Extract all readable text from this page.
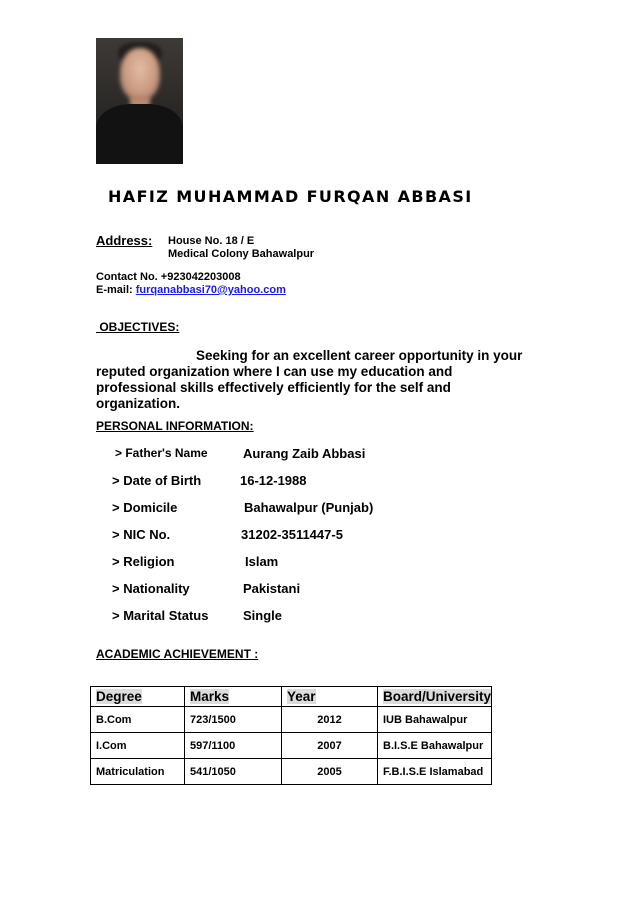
HAFIZ MUHAMMAD FURQAN ABBASI
Address: House No. 18 / E
Medical Colony Bahawalpur
Contact No. +923042203008
E-mail: furqanabbasi70@yahoo.com
OBJECTIVES:
Seeking for an excellent career opportunity in your reputed organization where I can use my education and professional skills effectively efficiently for the self and organization.
PERSONAL INFORMATION:
> Father's Name	Aurang Zaib Abbasi
> Date of Birth	16-12-1988
> Domicile	Bahawalpur (Punjab)
> NIC No.	31202-3511447-5
> Religion	Islam
> Nationality	Pakistani
> Marital Status	Single
ACADEMIC ACHIEVEMENT :
Degree	Marks	Year	Board/University
B.Com	723/1500	2012	IUB Bahawalpur
I.Com	597/1100	2007	B.I.S.E Bahawalpur
Matriculation	541/1050	2005	F.B.I.S.E Islamabad
